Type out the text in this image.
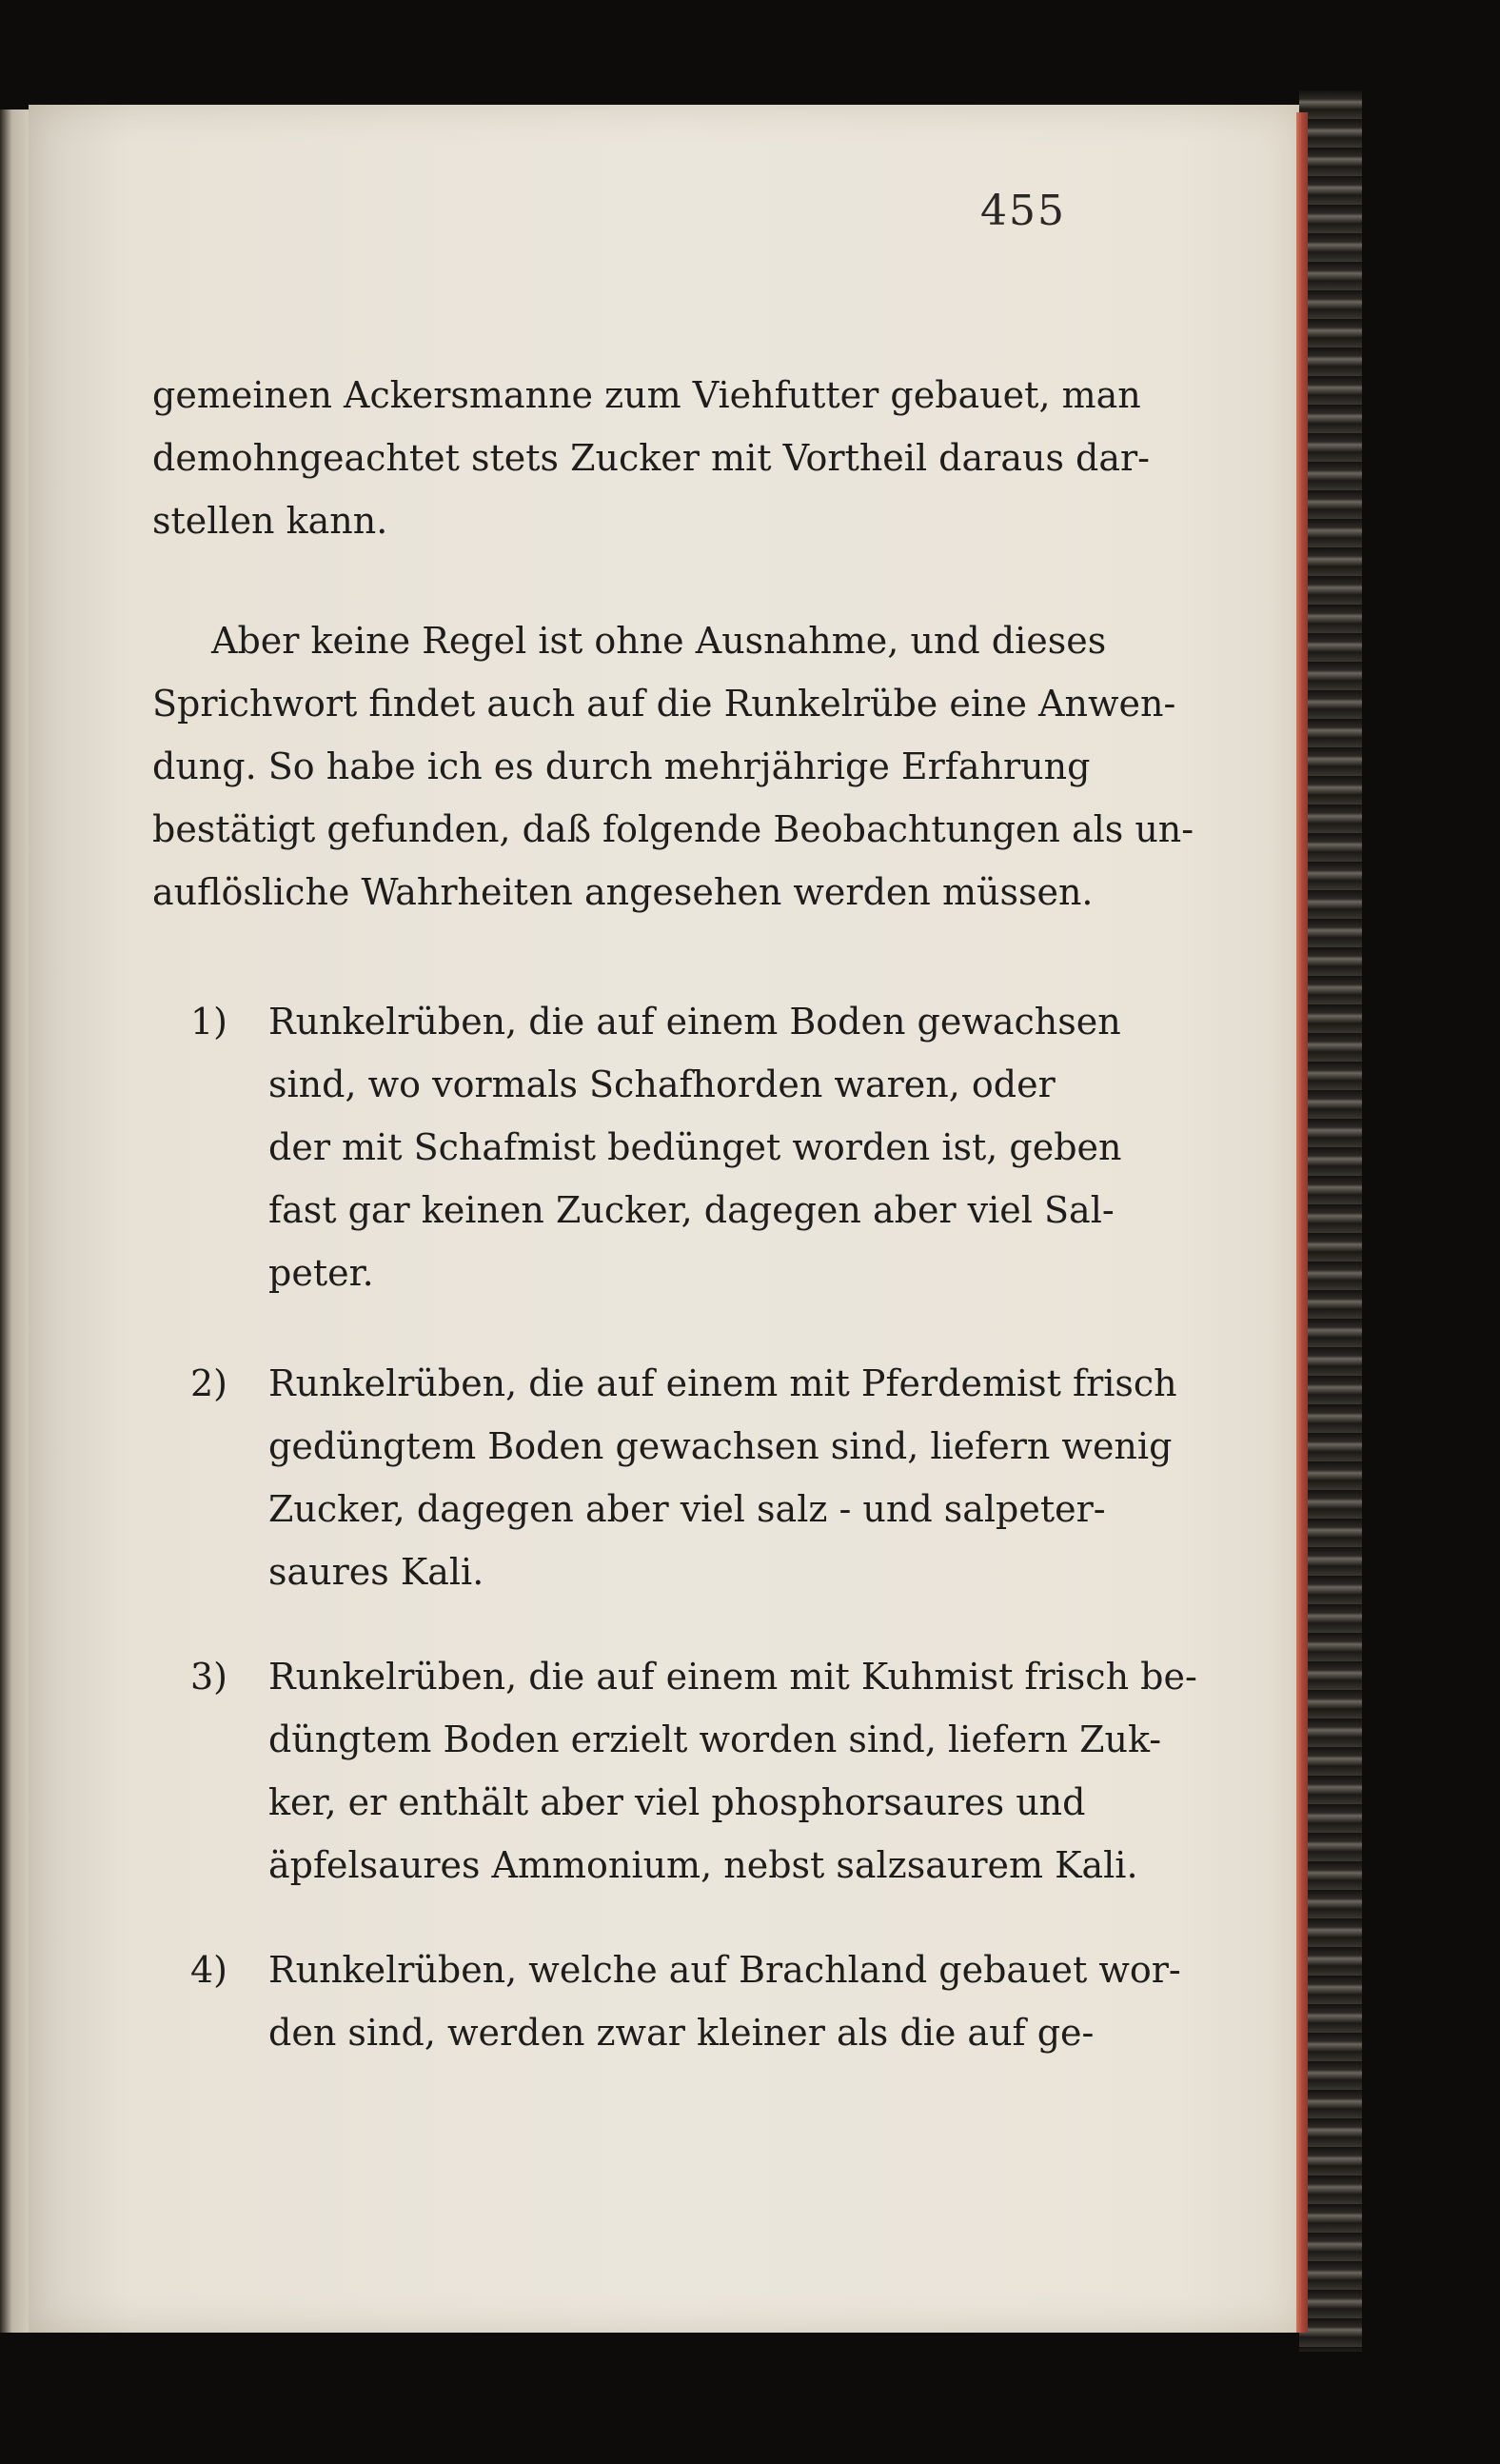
455
gemeinen Ackersmanne zum Viehfutter gebauet, man
demohngeachtet stets Zucker mit Vortheil daraus dar-
stellen kann.
Aber keine Regel ist ohne Ausnahme, und dieses
Sprichwort findet auch auf die Runkelrübe eine Anwen-
dung. So habe ich es durch mehrjährige Erfahrung
bestätigt gefunden, daß folgende Beobachtungen als un-
auflösliche Wahrheiten angesehen werden müssen.
1) Runkelrüben, die auf einem Boden gewachsen
sind, wo vormals Schafhorden waren, oder
der mit Schafmist bedünget worden ist, geben
fast gar keinen Zucker, dagegen aber viel Sal-
peter.
2) Runkelrüben, die auf einem mit Pferdemist frisch
gedüngtem Boden gewachsen sind, liefern wenig
Zucker, dagegen aber viel salz - und salpeter-
saures Kali.
3) Runkelrüben, die auf einem mit Kuhmist frisch be-
düngtem Boden erzielt worden sind, liefern Zuk-
ker, er enthält aber viel phosphorsaures und
äpfelsaures Ammonium, nebst salzsaurem Kali.
4) Runkelrüben, welche auf Brachland gebauet wor-
den sind, werden zwar kleiner als die auf ge-
